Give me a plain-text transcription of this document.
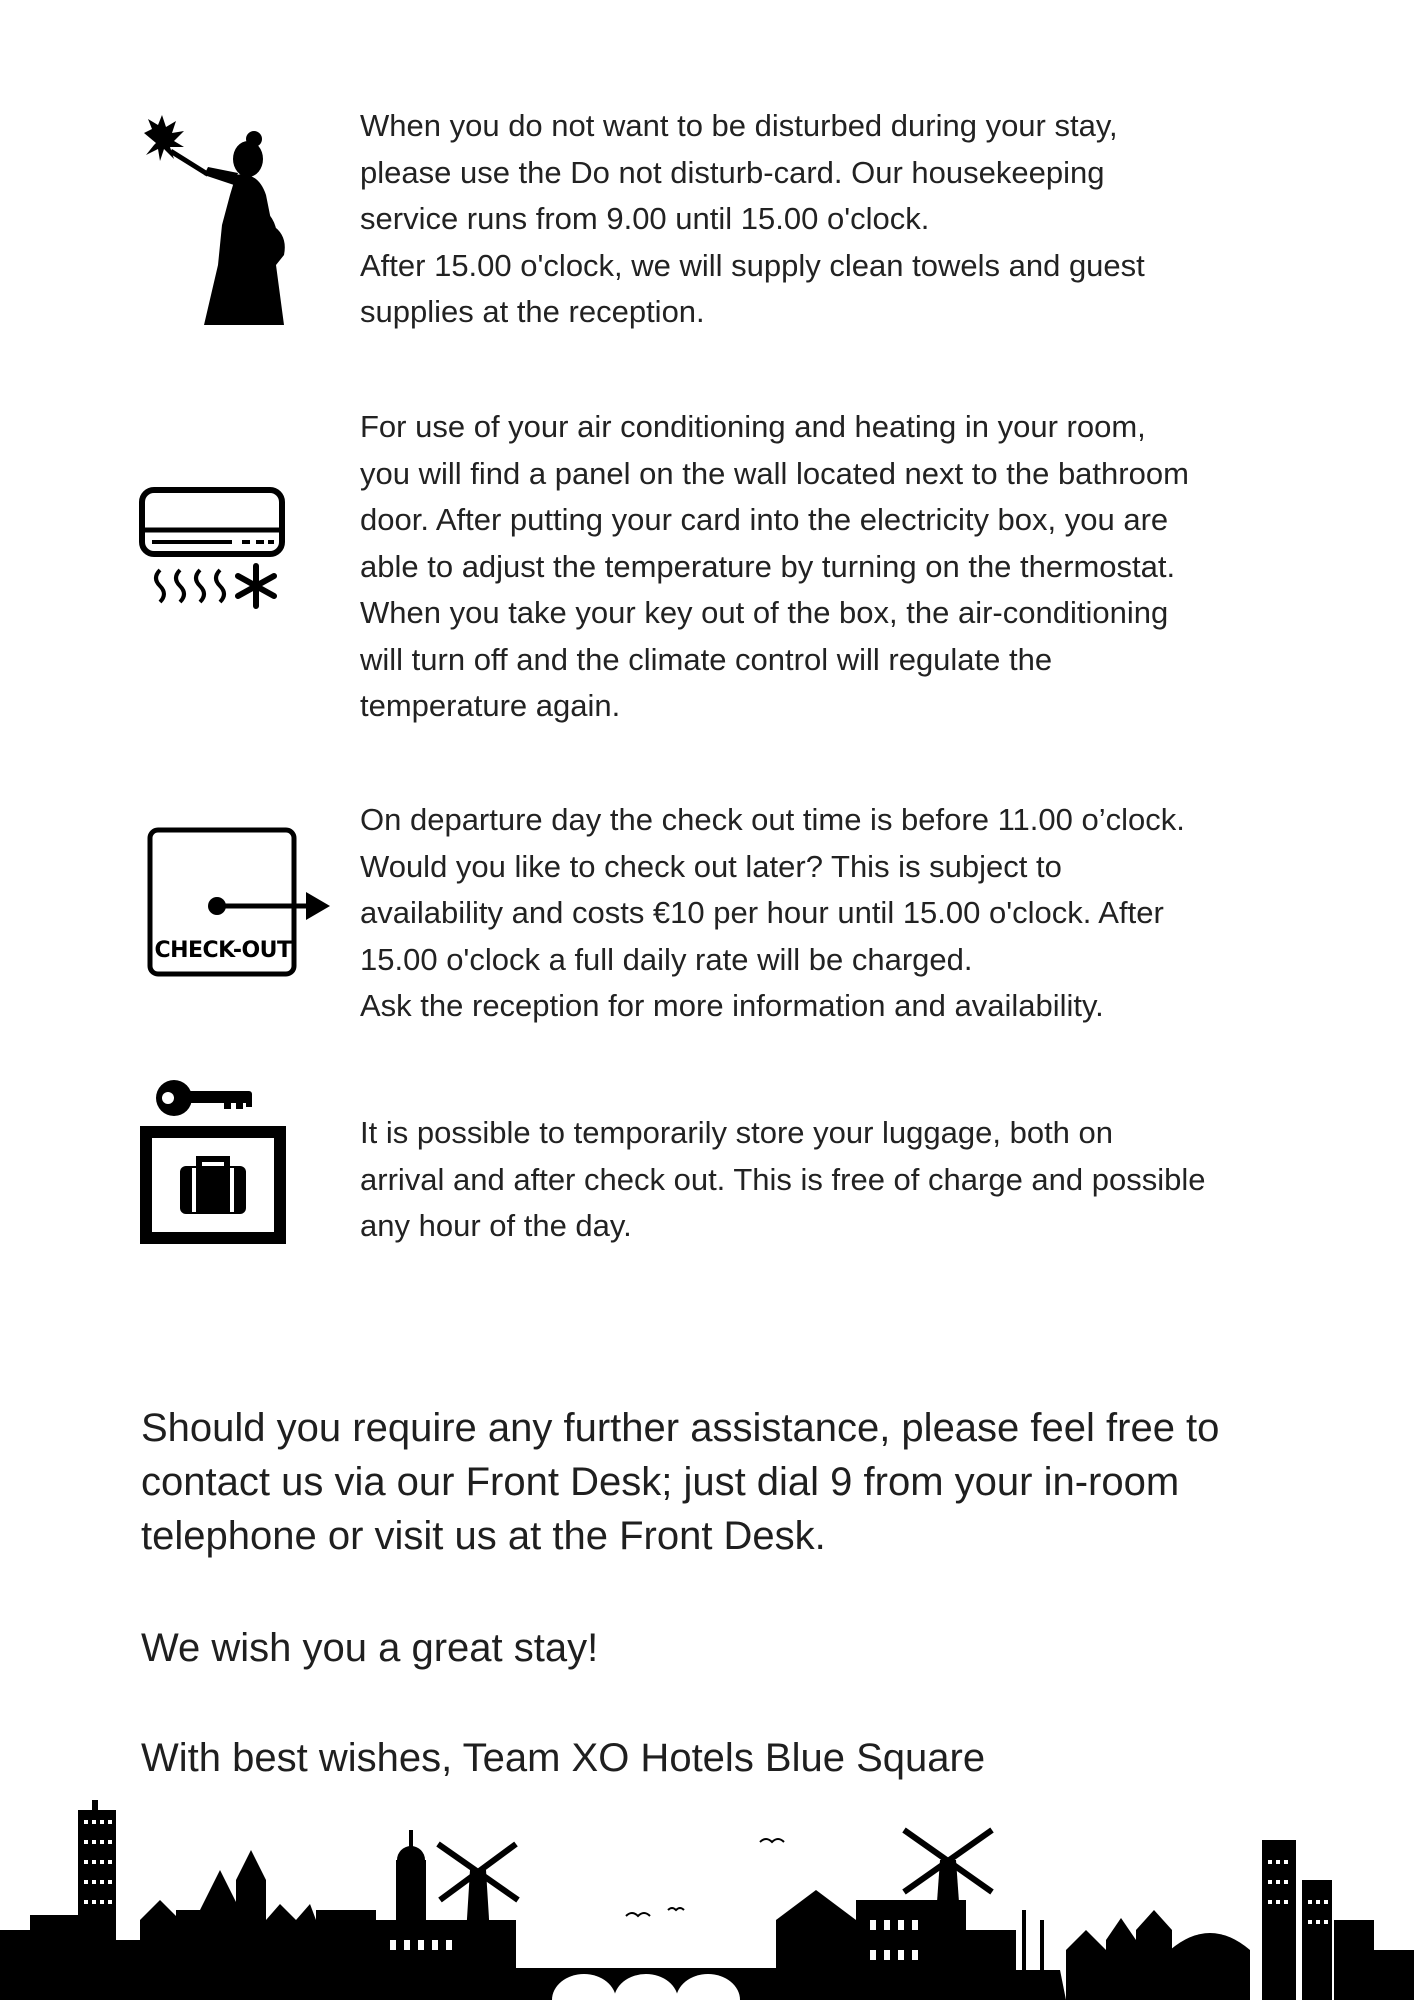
When you do not want to be disturbed during your stay,
please use the Do not disturb-card. Our housekeeping
service runs from 9.00 until 15.00 o'clock.
After 15.00 o'clock, we will supply clean towels and guest
supplies at the reception.

For use of your air conditioning and heating in your room,
you will find a panel on the wall located next to the bathroom
door. After putting your card into the electricity box, you are
able to adjust the temperature by turning on the thermostat.
When you take your key out of the box, the air-conditioning
will turn off and the climate control will regulate the
temperature again.

CHECK-OUT

On departure day the check out time is before 11.00 o’clock.
Would you like to check out later? This is subject to
availability and costs €10 per hour until 15.00 o'clock. After
15.00 o'clock a full daily rate will be charged.
Ask the reception for more information and availability.

It is possible to temporarily store your luggage, both on
arrival and after check out. This is free of charge and possible
any hour of the day.

Should you require any further assistance, please feel free to
contact us via our Front Desk; just dial 9 from your in-room
telephone or visit us at the Front Desk.

We wish you a great stay!

With best wishes, Team XO Hotels Blue Square
